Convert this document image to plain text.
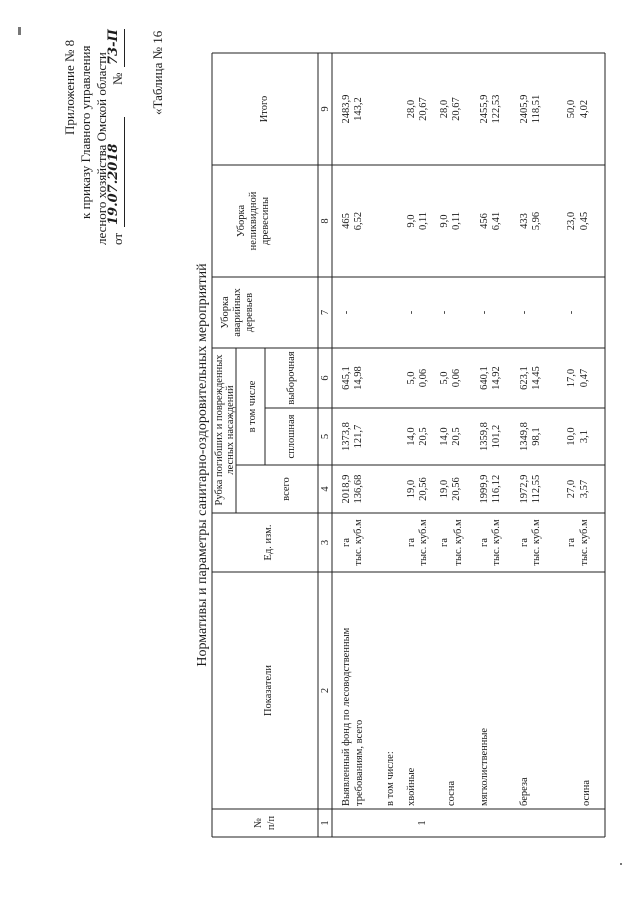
Приложение № 8 к приказу Главного управления лесного хозяйства Омской области от
19.07.2018
№
73-П «Таблица № 16
Нормативы и параметры санитарно-оздоровительных мероприятий
№
п/п
Показатели
Ед. изм.
Рубка погибших и поврежденных лесных насаждений
всего
в том числе
сплошная
выборочная
Уборка аварийных деревьев
Уборка неликвидной древесины
Итого
1
2
3
4
5
6
7
8
9
Выявленный фонд по лесоводственным требованиям, всего
га тыс. куб.м
2018,9 136,68
1373,8 121,7
645,1 14,98
-
465 6,52
2483,9 143,2
в том числе:
1
хвойные
га тыс. куб.м
19,0 20,56
14,0 20,5
5,0 0,06
-
9,0 0,11
28,0 20,67
сосна
га тыс. куб.м
19,0 20,56
14,0 20,5
5,0 0,06
-
9,0 0,11
28,0 20,67
мягколиственные
га тыс. куб.м
1999,9 116,12
1359,8 101,2
640,1 14,92
-
456 6,41
2455,9 122,53
береза
га тыс. куб.м
1972,9 112,55
1349,8 98,1
623,1 14,45
-
433 5,96
2405,9 118,51
осина
га тыс. куб.м
27,0 3,57
10,0 3,1
17,0 0,47
-
23,0 0,45
50,0 4,02
